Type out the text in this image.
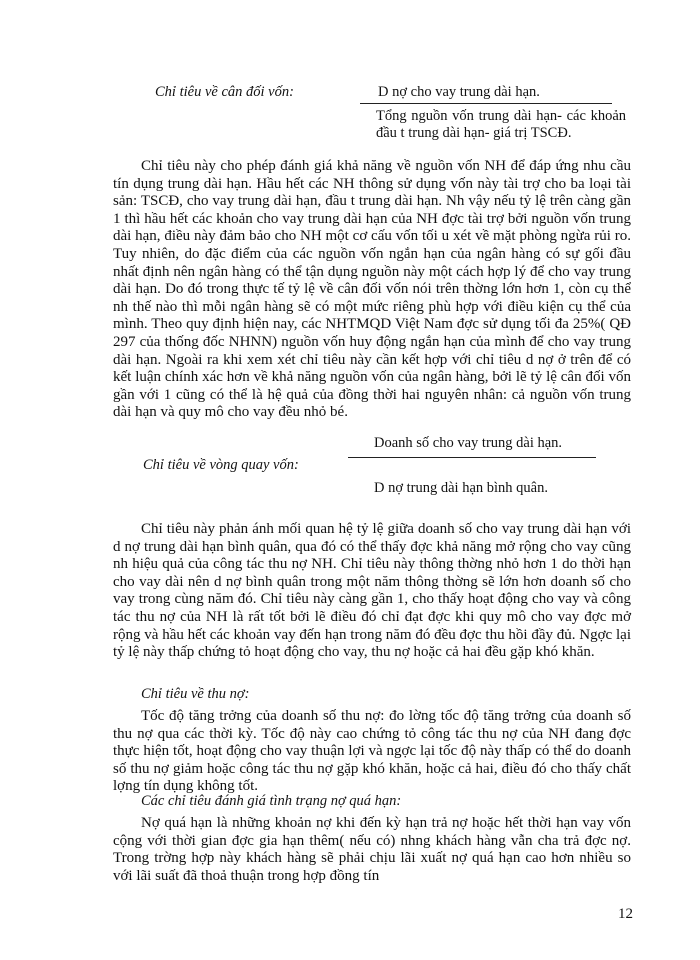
Chỉ tiêu về cân đối vốn:	D nợ cho vay trung dài hạn.
Tổng nguồn vốn trung dài hạn- các khoản đầu t trung dài hạn- giá trị TSCĐ.

Chỉ tiêu này cho phép đánh giá khả năng về nguồn vốn NH để đáp ứng nhu cầu tín dụng trung dài hạn. Hầu hết các NH thông sử dụng vốn này tài trợ cho ba loại tài sản: TSCĐ, cho vay trung dài hạn, đầu t trung dài hạn. Nh vậy nếu tỷ lệ trên càng gần 1 thì hầu hết các khoản cho vay trung dài hạn của NH đợc tài trợ bởi nguồn vốn trung dài hạn, điều này đảm bảo cho NH một cơ cấu vốn tối u xét về mặt phòng ngừa rủi ro. Tuy nhiên, do đặc điểm của các nguồn vốn ngắn hạn của ngân hàng có sự gối đầu nhất định nên ngân hàng có thể tận dụng nguồn này một cách hợp lý để cho vay trung dài hạn. Do đó trong thực tế tỷ lệ về cân đối vốn nói trên thờng lớn hơn 1, còn cụ thể nh thế nào thì mỗi ngân hàng sẽ có một mức riêng phù hợp với điều kiện cụ thể của mình. Theo quy định hiện nay, các NHTMQD Việt Nam đợc sử dụng tối đa 25%( QĐ 297 của thống đốc NHNN) nguồn vốn huy động ngắn hạn của mình để cho vay trung dài hạn. Ngoài ra khi xem xét chỉ tiêu này cần kết hợp với chỉ tiêu d nợ ở trên để có kết luận chính xác hơn về khả năng nguồn vốn của ngân hàng, bởi lẽ tỷ lệ cân đối vốn gần với 1 cũng có thể là hệ quả của đồng thời hai nguyên nhân: cả nguồn vốn trung dài hạn và quy mô cho vay đều nhỏ bé.

Doanh số cho vay trung dài hạn.
Chỉ tiêu về vòng quay vốn:
D nợ trung dài hạn bình quân.

Chỉ tiêu này phản ánh mối quan hệ tỷ lệ giữa doanh số cho vay trung dài hạn với d nợ trung dài hạn bình quân, qua đó có thể thấy đợc khả năng mở rộng cho vay cũng nh hiệu quả của công tác thu nợ NH. Chỉ tiêu này thông thờng nhỏ hơn 1 do thời hạn cho vay dài nên d nợ bình quân trong một năm thông thờng sẽ lớn hơn doanh số cho vay trong cùng năm đó. Chỉ tiêu này càng gần 1, cho thấy hoạt động cho vay và công tác thu nợ của NH là rất tốt bởi lẽ điều đó chỉ đạt đợc khi quy mô cho vay đợc mở rộng và hầu hết các khoản vay đến hạn trong năm đó đều đợc thu hồi đầy đủ. Ngợc lại tỷ lệ này thấp chứng tỏ hoạt động cho vay, thu nợ hoặc cả hai đều gặp khó khăn.

Chỉ tiêu về thu nợ:

Tốc độ tăng trởng của doanh số thu nợ: đo lờng tốc độ tăng trởng của doanh số thu nợ qua các thời kỳ. Tốc độ này cao chứng tỏ công tác thu nợ của NH đang đợc thực hiện tốt, hoạt động cho vay thuận lợi và ngợc lại tốc độ này thấp có thể do doanh số thu nợ giảm hoặc công tác thu nợ gặp khó khăn, hoặc cả hai, điều đó cho thấy chất lợng tín dụng không tốt.

Các chỉ tiêu đánh giá tình trạng nợ quá hạn:

Nợ quá hạn là những khoản nợ khi đến kỳ hạn trả nợ hoặc hết thời hạn vay vốn cộng với thời gian đợc gia hạn thêm( nếu có) nhng khách hàng vẫn cha trả đợc nợ. Trong trờng hợp này khách hàng sẽ phải chịu lãi xuất nợ quá hạn cao hơn nhiều so với lãi suất đã thoả thuận trong hợp đồng tín

12
